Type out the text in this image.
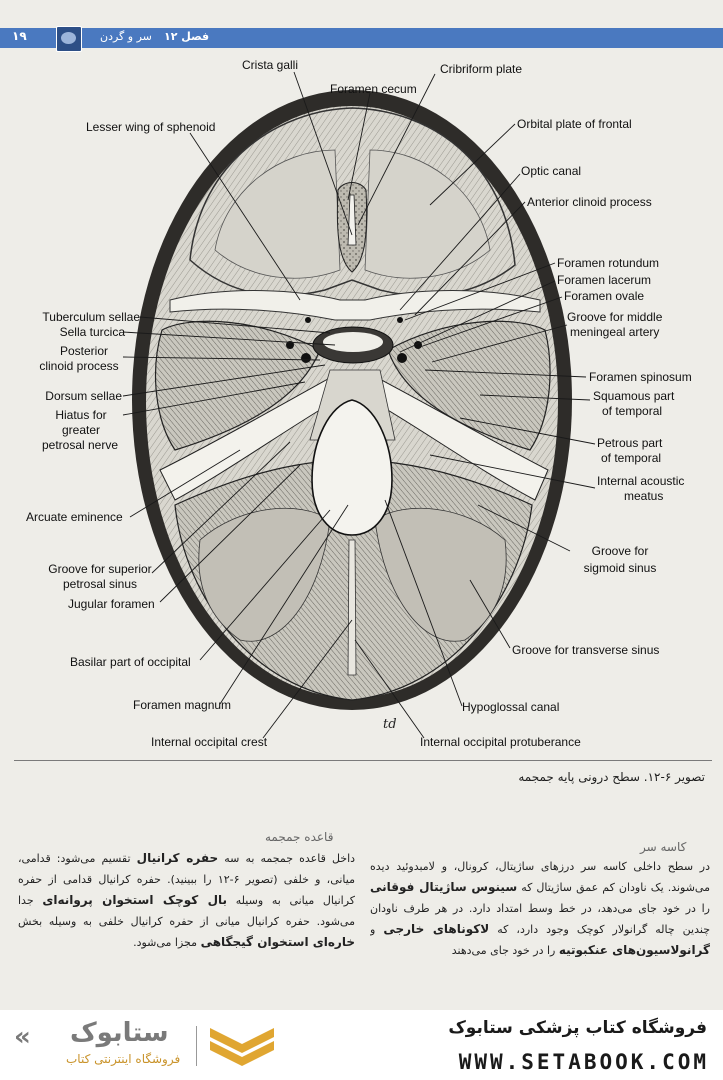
۱۹	سر و گردن فصل ۱۲
td
Crista galli	Cribriform plate
Foramen cecum
Lesser wing of sphenoid	Orbital plate of frontal
Optic canal
Anterior clinoid process
Foramen rotundum
Foramen lacerum
Foramen ovale
Tuberculum sellae
Sella turcica
Posterior
clinoid process
Groove for middle
meningeal artery
Foramen spinosum
Squamous part
of temporal
Dorsum sellae
Hiatus for
greater
petrosal nerve	Petrous part
of temporal
Internal acoustic
meatus
Arcuate eminence
Groove for superior
petrosal sinus
Jugular foramen
Groove for
sigmoid sinus
Basilar part of occipital
Groove for transverse sinus
Foramen magnum	Hypoglossal canal
Internal occipital crest	Internal occipital protuberance
تصویر ۶-۱۲. سطح درونی پایه جمجمه
کاسه سر
قاعده جمجمه
در سطح داخلی کاسه سر درزهای ساژیتال، کرونال، و لامبدوئید دیده می‌شوند. یک ناودان کم عمق ساژیتال که سینوس ساژیتال فوقانی را در خود جای می‌دهد، در خط وسط امتداد دارد. در هر طرف ناودان چندین چاله گرانولار کوچک وجود دارد، که لاکوناهای خارجی و گرانولاسیون‌های عنکبوتیه را در خود جای می‌دهند
داخل قاعده جمجمه به سه حفره کرانیال تقسیم می‌شود: قدامی، میانی، و خلفی (تصویر ۶-۱۲ را ببینید). حفره کرانیال قدامی از حفره کرانیال میانی به وسیله بال کوچک استخوان پروانه‌ای جدا می‌شود. حفره کرانیال میانی از حفره کرانیال خلفی به وسیله بخش خاره‌ای استخوان گیجگاهی مجزا می‌شود.
« ستابوک
فروشگاه اینترنتی کتاب
فروشگاه کتاب پزشکی ستابوک
WWW.SETABOOK.COM
